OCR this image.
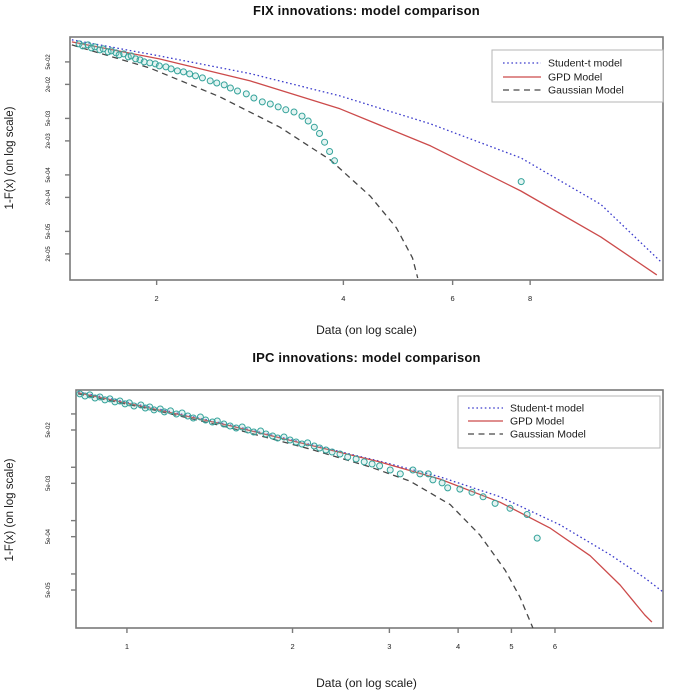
2	4	6	8
5e-02
2e-02
5e-03
2e-03
5e-04
2e-04
5e-05
2e-05
Student-t model
GPD Model
Gaussian Model
1	2	3	4	5	6
5e-02
5e-03
5e-04
5e-05
Student-t model
GPD Model
Gaussian Model
FIX innovations: model comparison
1-F(x) (on log scale)
Data (on log scale)
IPC innovations: model comparison
1-F(x) (on log scale)
Data (on log scale)
